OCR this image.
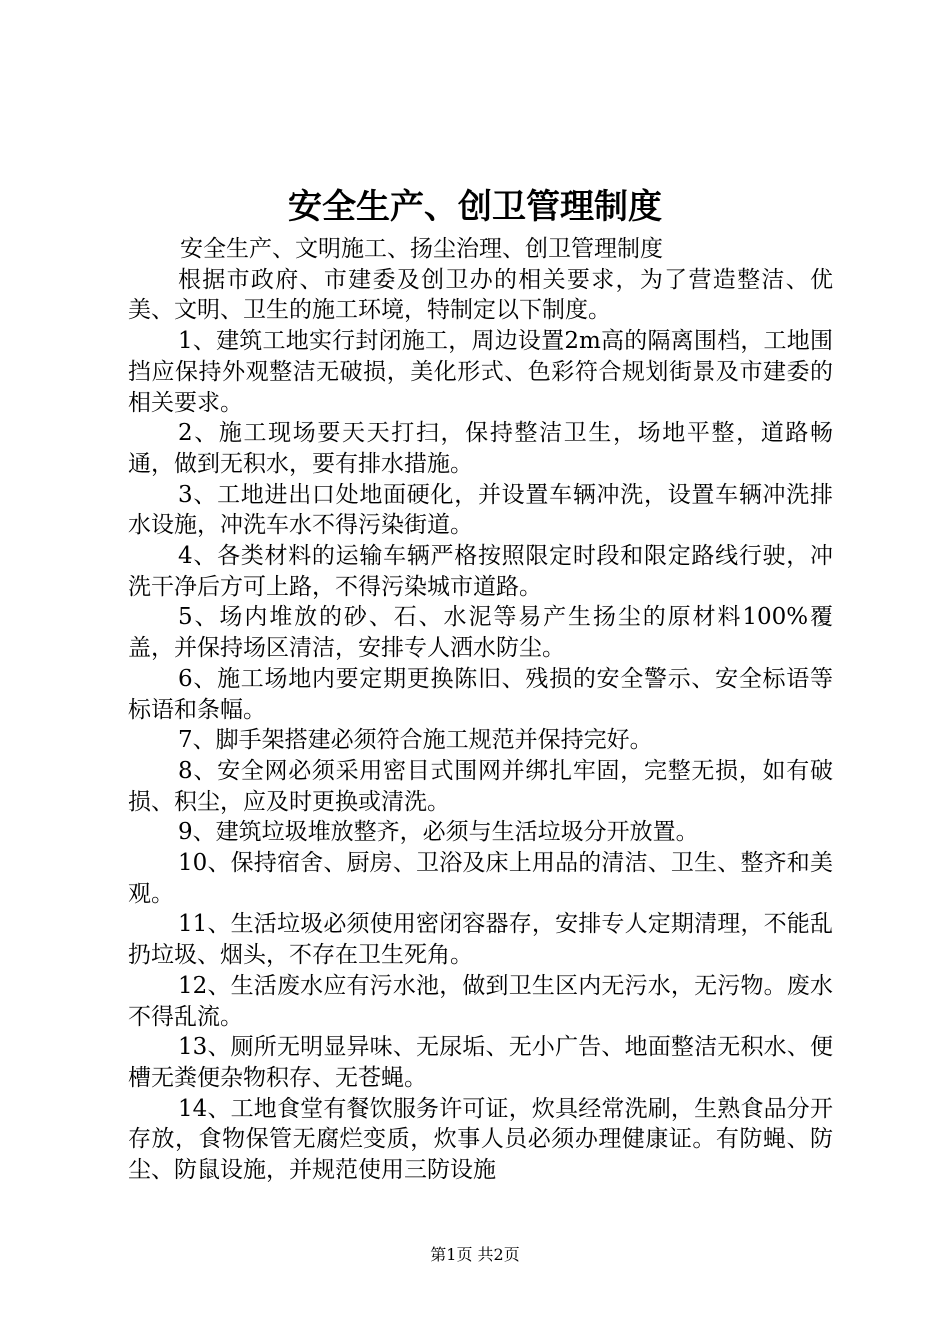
安全生产、创卫管理制度

安全生产、文明施工、扬尘治理、创卫管理制度

根据市政府、市建委及创卫办的相关要求，为了营造整洁、优美、文明、卫生的施工环境，特制定以下制度。

1、建筑工地实行封闭施工，周边设置2m高的隔离围档，工地围挡应保持外观整洁无破损，美化形式、色彩符合规划街景及市建委的相关要求。

2、施工现场要天天打扫，保持整洁卫生，场地平整，道路畅通，做到无积水，要有排水措施。

3、工地进出口处地面硬化，并设置车辆冲洗，设置车辆冲洗排水设施，冲洗车水不得污染街道。

4、各类材料的运输车辆严格按照限定时段和限定路线行驶，冲洗干净后方可上路，不得污染城市道路。

5、场内堆放的砂、石、水泥等易产生扬尘的原材料100%覆盖，并保持场区清洁，安排专人洒水防尘。

6、施工场地内要定期更换陈旧、残损的安全警示、安全标语等标语和条幅。

7、脚手架搭建必须符合施工规范并保持完好。

8、安全网必须采用密目式围网并绑扎牢固，完整无损，如有破损、积尘，应及时更换或清洗。

9、建筑垃圾堆放整齐，必须与生活垃圾分开放置。

10、保持宿舍、厨房、卫浴及床上用品的清洁、卫生、整齐和美观。

11、生活垃圾必须使用密闭容器存，安排专人定期清理，不能乱扔垃圾、烟头，不存在卫生死角。

12、生活废水应有污水池，做到卫生区内无污水，无污物。废水不得乱流。

13、厕所无明显异味、无尿垢、无小广告、地面整洁无积水、便槽无粪便杂物积存、无苍蝇。

14、工地食堂有餐饮服务许可证，炊具经常洗刷，生熟食品分开存放，食物保管无腐烂变质，炊事人员必须办理健康证。有防蝇、防尘、防鼠设施，并规范使用三防设施

第1页 共2页
